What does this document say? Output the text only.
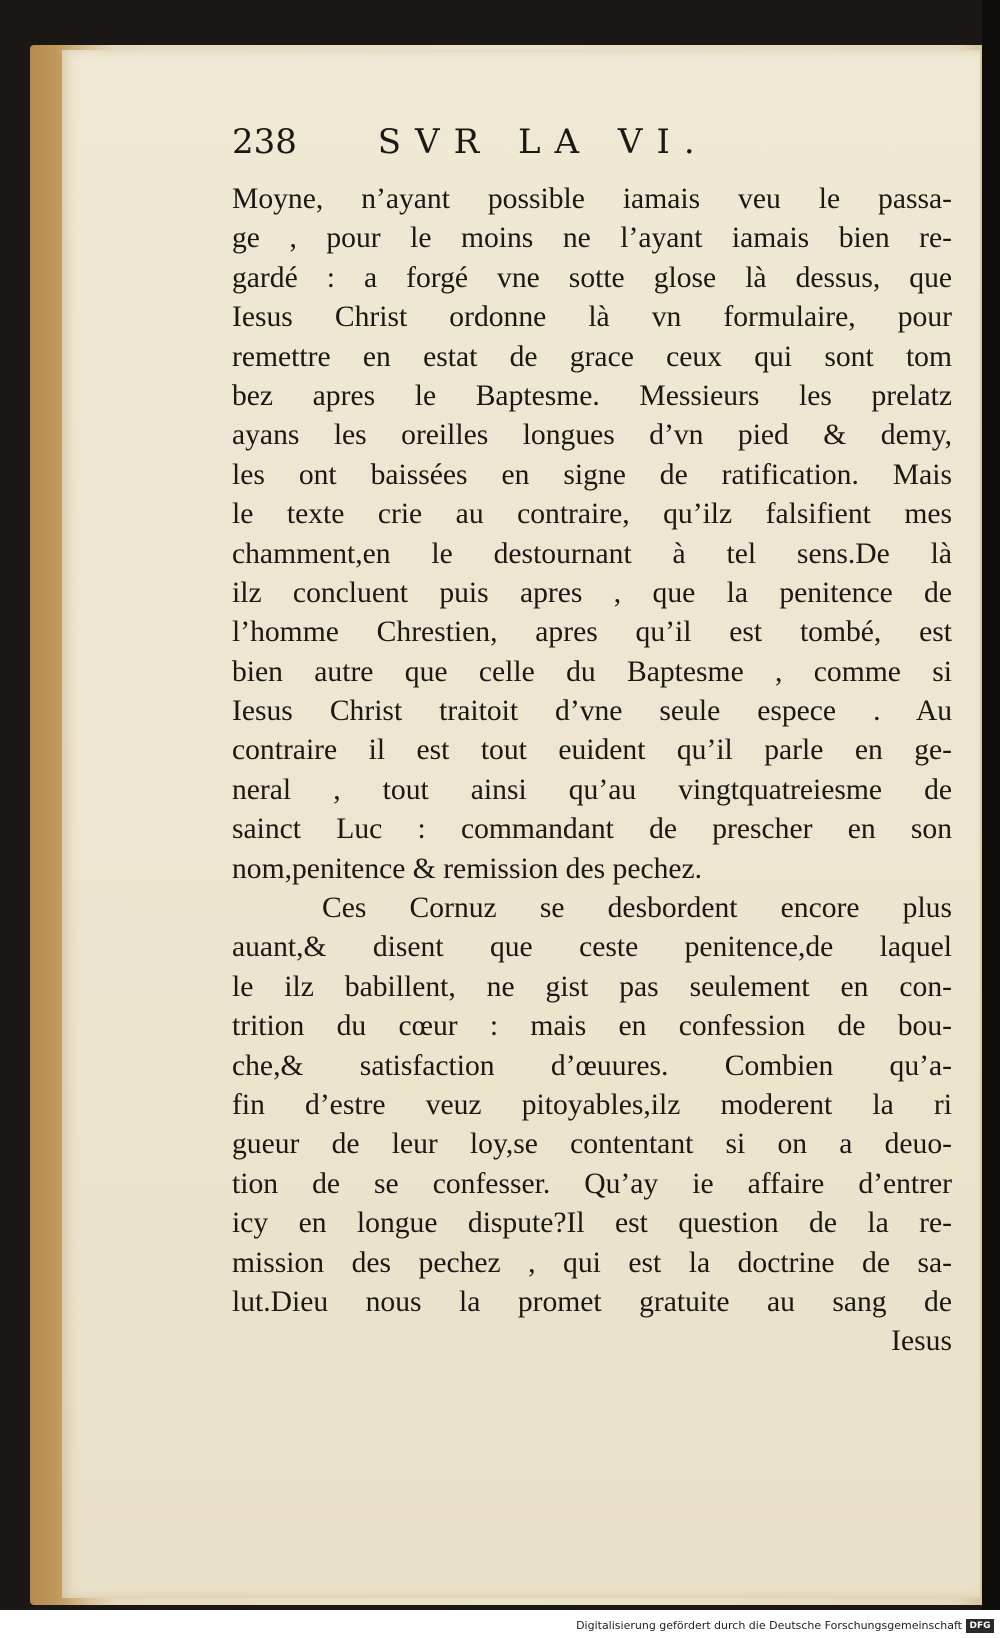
238 SVR LA VI.
Moyne, n’ayant possible iamais veu le passa-
ge , pour le moins ne l’ayant iamais bien re-
gardé : a forgé vne sotte glose là dessus, que
Iesus Christ ordonne là vn formulaire, pour
remettre en estat de grace ceux qui sont tom
bez apres le Baptesme. Messieurs les prelatz
ayans les oreilles longues d’vn pied & demy,
les ont baissées en signe de ratification. Mais
le texte crie au contraire, qu’ilz falsifient mes
chamment,en le destournant à tel sens.De là
ilz concluent puis apres , que la penitence de
l’homme Chrestien, apres qu’il est tombé, est
bien autre que celle du Baptesme , comme si
Iesus Christ traitoit d’vne seule espece . Au
contraire il est tout euident qu’il parle en ge-
neral , tout ainsi qu’au vingtquatreiesme de
sainct Luc : commandant de prescher en son
nom,penitence & remission des pechez.
Ces Cornuz se desbordent encore plus
auant,& disent que ceste penitence,de laquel
le ilz babillent, ne gist pas seulement en con-
trition du cœur : mais en confession de bou-
che,& satisfaction d’œuures. Combien qu’a-
fin d’estre veuz pitoyables,ilz moderent la ri
gueur de leur loy,se contentant si on a deuo-
tion de se confesser. Qu’ay ie affaire d’entrer
icy en longue dispute?Il est question de la re-
mission des pechez , qui est la doctrine de sa-
lut.Dieu nous la promet gratuite au sang de
Iesus
Digitalisierung gefördert durch die Deutsche Forschungsgemeinschaft DFG
